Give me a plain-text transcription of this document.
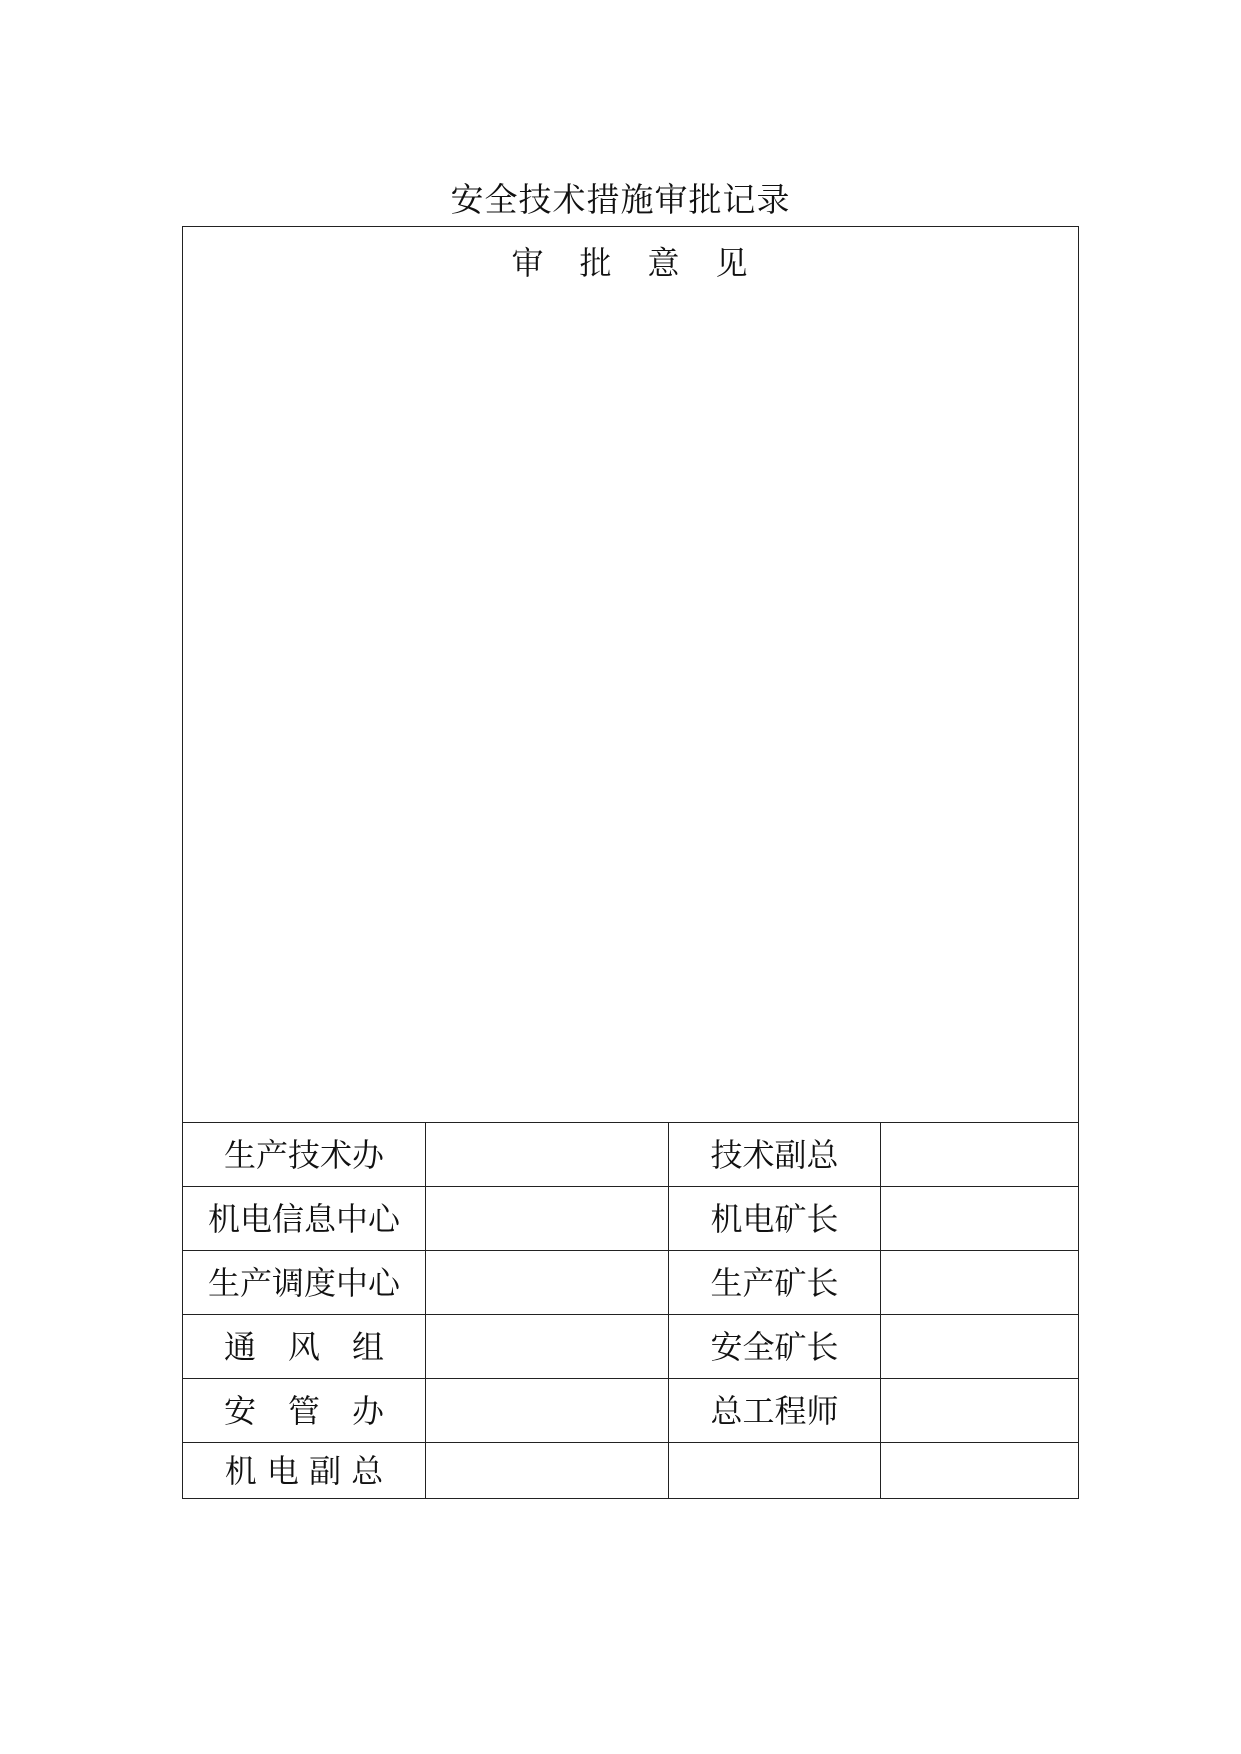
安全技术措施审批记录
审　批　意　见			

生产技术办		技术副总	
机电信息中心		机电矿长	
生产调度中心		生产矿长	
通　风　组		安全矿长	
安　管　办		总工程师	
机 电 副 总			
